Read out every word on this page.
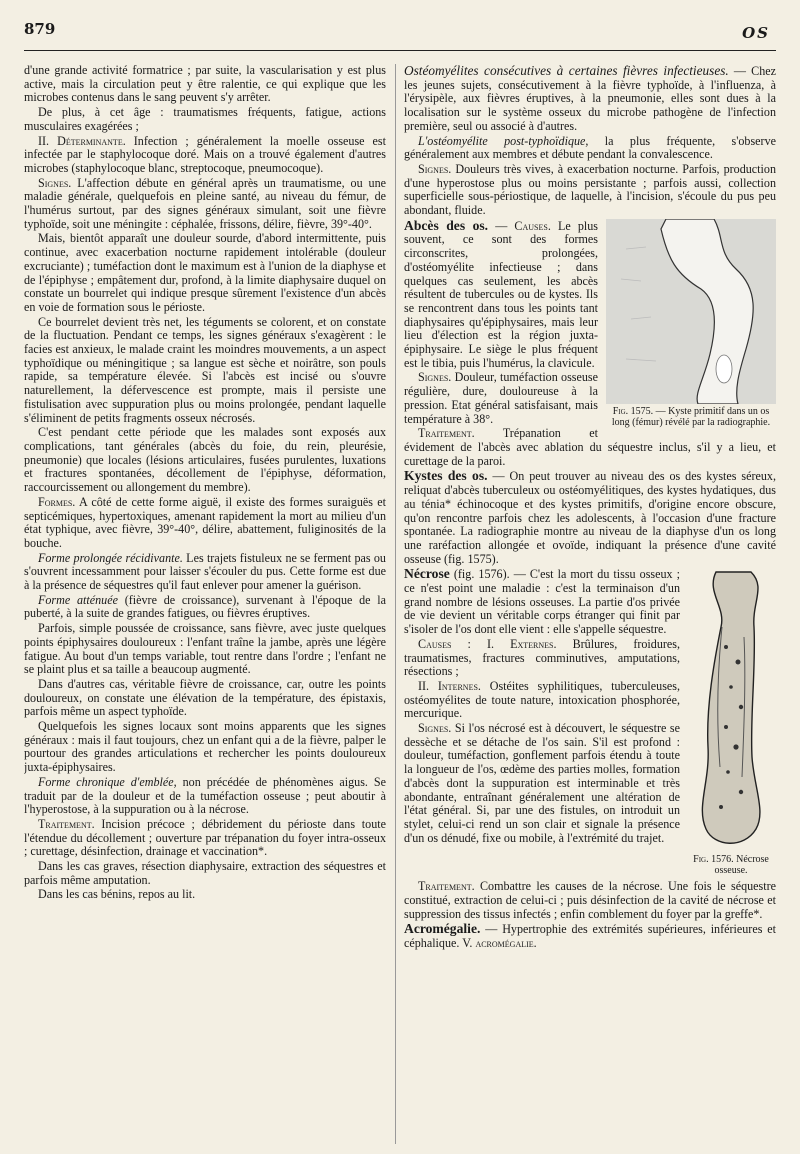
879	OS

d'une grande activité formatrice ; par suite, la vascularisation y est plus active, mais la circulation peut y être ralentie, ce qui explique que les microbes contenus dans le sang peuvent s'y arrêter.

De plus, à cet âge : traumatismes fréquents, fatigue, actions musculaires exagérées ;

II. Déterminante. Infection ; généralement la moelle osseuse est infectée par le staphylocoque doré. Mais on a trouvé également d'autres microbes (staphylocoque blanc, streptocoque, pneumocoque).

Signes. L'affection débute en général après un traumatisme, ou une maladie générale, quelquefois en pleine santé, au niveau du fémur, de l'humérus surtout, par des signes généraux simulant, soit une fièvre typhoïde, soit une méningite : céphalée, frissons, délire, fièvre, 39°-40°.

Mais, bientôt apparaît une douleur sourde, d'abord intermittente, puis continue, avec exacerbation nocturne rapidement intolérable (douleur excruciante) ; tuméfaction dont le maximum est à l'union de la diaphyse et de l'épiphyse ; empâtement dur, profond, à la limite diaphysaire duquel on constate un bourrelet qui indique presque sûrement l'existence d'un abcès en voie de formation sous le périoste.

Ce bourrelet devient très net, les téguments se colorent, et on constate de la fluctuation. Pendant ce temps, les signes généraux s'exagèrent : le facies est anxieux, le malade craint les moindres mouvements, a un aspect typhoïdique ou méningitique ; sa langue est sèche et noirâtre, son pouls rapide, sa température élevée. Si l'abcès est incisé ou s'ouvre naturellement, la défervescence est prompte, mais il persiste une fistulisation avec suppuration plus ou moins prolongée, pendant laquelle s'éliminent de petits fragments osseux nécrosés.

C'est pendant cette période que les malades sont exposés aux complications, tant générales (abcès du foie, du rein, pleurésie, pneumonie) que locales (lésions articulaires, fusées purulentes, luxations et fractures spontanées, décollement de l'épiphyse, déformation, raccourcissement ou allongement du membre).

Formes. A côté de cette forme aiguë, il existe des formes suraiguës et septicémiques, hypertoxiques, amenant rapidement la mort au milieu d'un état typhique, avec fièvre, 39°-40°, délire, abattement, fuliginosités de la bouche.

Forme prolongée récidivante. Les trajets fistuleux ne se ferment pas ou s'ouvrent incessamment pour laisser s'écouler du pus. Cette forme est due à la présence de séquestres qu'il faut enlever pour amener la guérison.

Forme atténuée (fièvre de croissance), survenant à l'époque de la puberté, à la suite de grandes fatigues, ou fièvres éruptives.

Parfois, simple poussée de croissance, sans fièvre, avec juste quelques points épiphysaires douloureux : l'enfant traîne la jambe, après une légère fatigue. Au bout d'un temps variable, tout rentre dans l'ordre ; l'enfant ne se plaint plus et sa taille a beaucoup augmenté.

Dans d'autres cas, véritable fièvre de croissance, car, outre les points douloureux, on constate une élévation de la température, des épistaxis, parfois même un aspect typhoïde.

Quelquefois les signes locaux sont moins apparents que les signes généraux : mais il faut toujours, chez un enfant qui a de la fièvre, palper le pourtour des grandes articulations et rechercher les points douloureux juxta-épiphysaires.

Forme chronique d'emblée, non précédée de phénomènes aigus. Se traduit par de la douleur et de la tuméfaction osseuse ; peut aboutir à l'hyperostose, à la suppuration ou à la nécrose.

Traitement. Incision précoce ; débridement du périoste dans toute l'étendue du décollement ; ouverture par trépanation du foyer intra-osseux ; curettage, désinfection, drainage et vaccination*.

Dans les cas graves, résection diaphysaire, extraction des séquestres et parfois même amputation.

Dans les cas bénins, repos au lit.

Ostéomyélites consécutives à certaines fièvres infectieuses. — Chez les jeunes sujets, consécutivement à la fièvre typhoïde, à l'influenza, à l'érysipèle, aux fièvres éruptives, à la pneumonie, elles sont dues à la localisation sur le système osseux du microbe pathogène de l'infection première, seul ou associé à d'autres.

L'ostéomyélite post-typhoïdique, la plus fréquente, s'observe généralement aux membres et débute pendant la convalescence.

Signes. Douleurs très vives, à exacerbation nocturne. Parfois, production d'une hyperostose plus ou moins persistante ; parfois aussi, collection superficielle sous-périostique, de laquelle, à l'incision, s'écoule du pus peu abondant, fluide.

Fig. 1575. — Kyste primitif dans un os long (fémur) révélé par la radiographie.

Abcès des os. — Causes. Le plus souvent, ce sont des formes circonscrites, prolongées, d'ostéomyélite infectieuse ; dans quelques cas seulement, les abcès résultent de tubercules ou de kystes. Ils se rencontrent dans tous les points tant diaphysaires qu'épiphysaires, mais leur lieu d'élection est la région juxta-épiphysaire. Le siège le plus fréquent est le tibia, puis l'humérus, la clavicule.

Signes. Douleur, tuméfaction osseuse régulière, dure, douloureuse à la pression. Etat général satisfaisant, mais température à 38°.

Traitement. Trépanation et évidement de l'abcès avec ablation du séquestre inclus, s'il y a lieu, et curettage de la paroi.

Kystes des os. — On peut trouver au niveau des os des kystes séreux, reliquat d'abcès tuberculeux ou ostéomyélitiques, des kystes hydatiques, dus au ténia* échinocoque et des kystes primitifs, d'origine encore obscure, qu'on rencontre parfois chez les adolescents, à l'occasion d'une fracture spontanée. La radiographie montre au niveau de la diaphyse d'un os long une raréfaction allongée et ovoïde, indiquant la présence d'une cavité osseuse (fig. 1575).

Fig. 1576. Nécrose osseuse.

Nécrose (fig. 1576). — C'est la mort du tissu osseux ; ce n'est point une maladie : c'est la terminaison d'un grand nombre de lésions osseuses. La partie d'os privée de vie devient un véritable corps étranger qui finit par s'isoler de l'os dont elle vient : elle s'appelle séquestre.

Causes : I. Externes. Brûlures, froidures, traumatismes, fractures comminutives, amputations, résections ;

II. Internes. Ostéites syphilitiques, tuberculeuses, ostéomyélites de toute nature, intoxication phosphorée, mercurique.

Signes. Si l'os nécrosé est à découvert, le séquestre se dessèche et se détache de l'os sain. S'il est profond : douleur, tuméfaction, gonflement parfois étendu à toute la longueur de l'os, œdème des parties molles, formation d'abcès dont la suppuration est interminable et très abondante, entraînant généralement une altération de l'état général. Si, par une des fistules, on introduit un stylet, celui-ci rend un son clair et signale la présence d'un os dénudé, fixe ou mobile, à l'extrémité du trajet.

Traitement. Combattre les causes de la nécrose. Une fois le séquestre constitué, extraction de celui-ci ; puis désinfection de la cavité de nécrose et suppression des tissus infectés ; enfin comblement du foyer par la greffe*.

Acromégalie. — Hypertrophie des extrémités supérieures, inférieures et céphalique. V. acromégalie.
